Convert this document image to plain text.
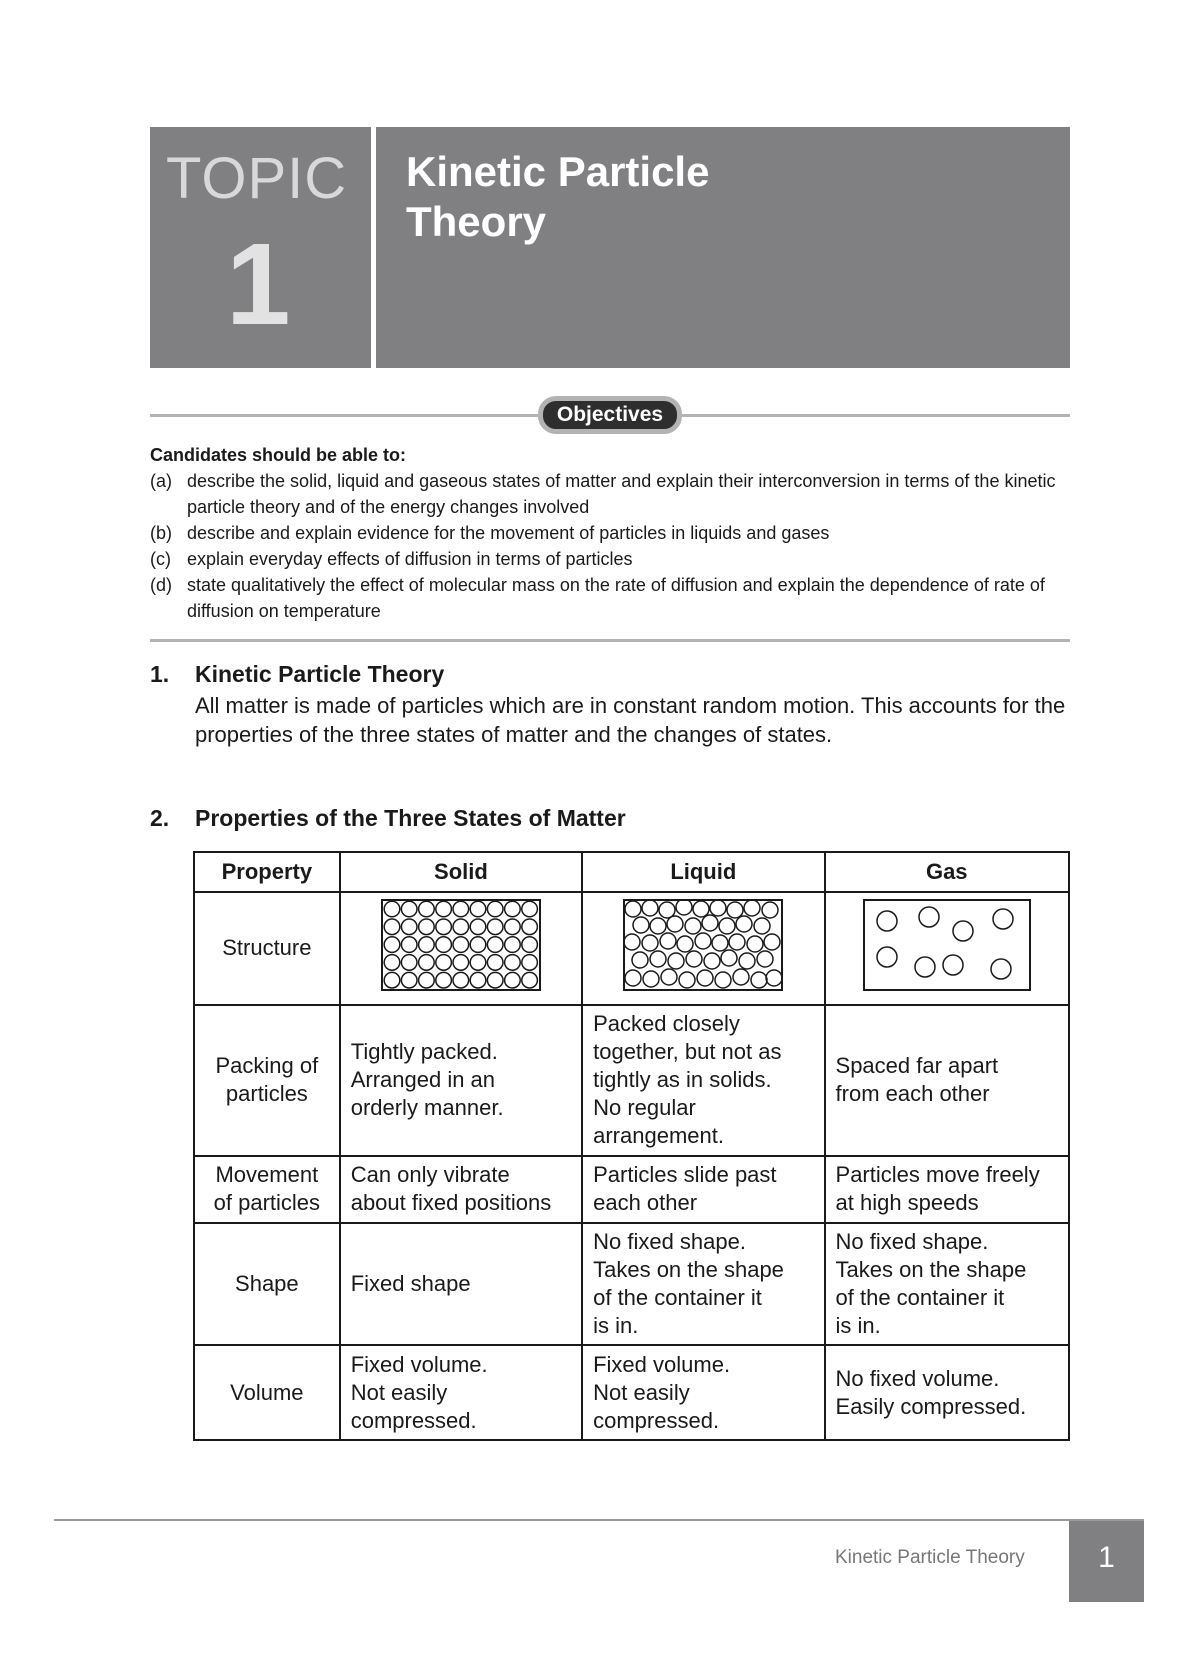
TOPIC
1
Kinetic Particle
Theory
Objectives
Candidates should be able to:
(a) describe the solid, liquid and gaseous states of matter and explain their interconversion in terms of the kinetic particle theory and of the energy changes involved
(b) describe and explain evidence for the movement of particles in liquids and gases
(c) explain everyday effects of diffusion in terms of particles
(d) state qualitatively the effect of molecular mass on the rate of diffusion and explain the dependence of rate of diffusion on temperature
1. Kinetic Particle Theory
All matter is made of particles which are in constant random motion. This accounts for the properties of the three states of matter and the changes of states.
2. Properties of the Three States of Matter
Property	Solid	Liquid	Gas
Structure			

Packing of
particles	Tightly packed.
Arranged in an
orderly manner.	Packed closely
together, but not as
tightly as in solids.
No regular
arrangement.	Spaced far apart
from each other

Movement
of particles	Can only vibrate
about fixed positions	Particles slide past
each other	Particles move freely
at high speeds

Shape	Fixed shape	No fixed shape.
Takes on the shape
of the container it
is in.	No fixed shape.
Takes on the shape
of the container it
is in.

Volume	Fixed volume.
Not easily
compressed.	Fixed volume.
Not easily
compressed.	No fixed volume.
Easily compressed.
Kinetic Particle Theory	1
